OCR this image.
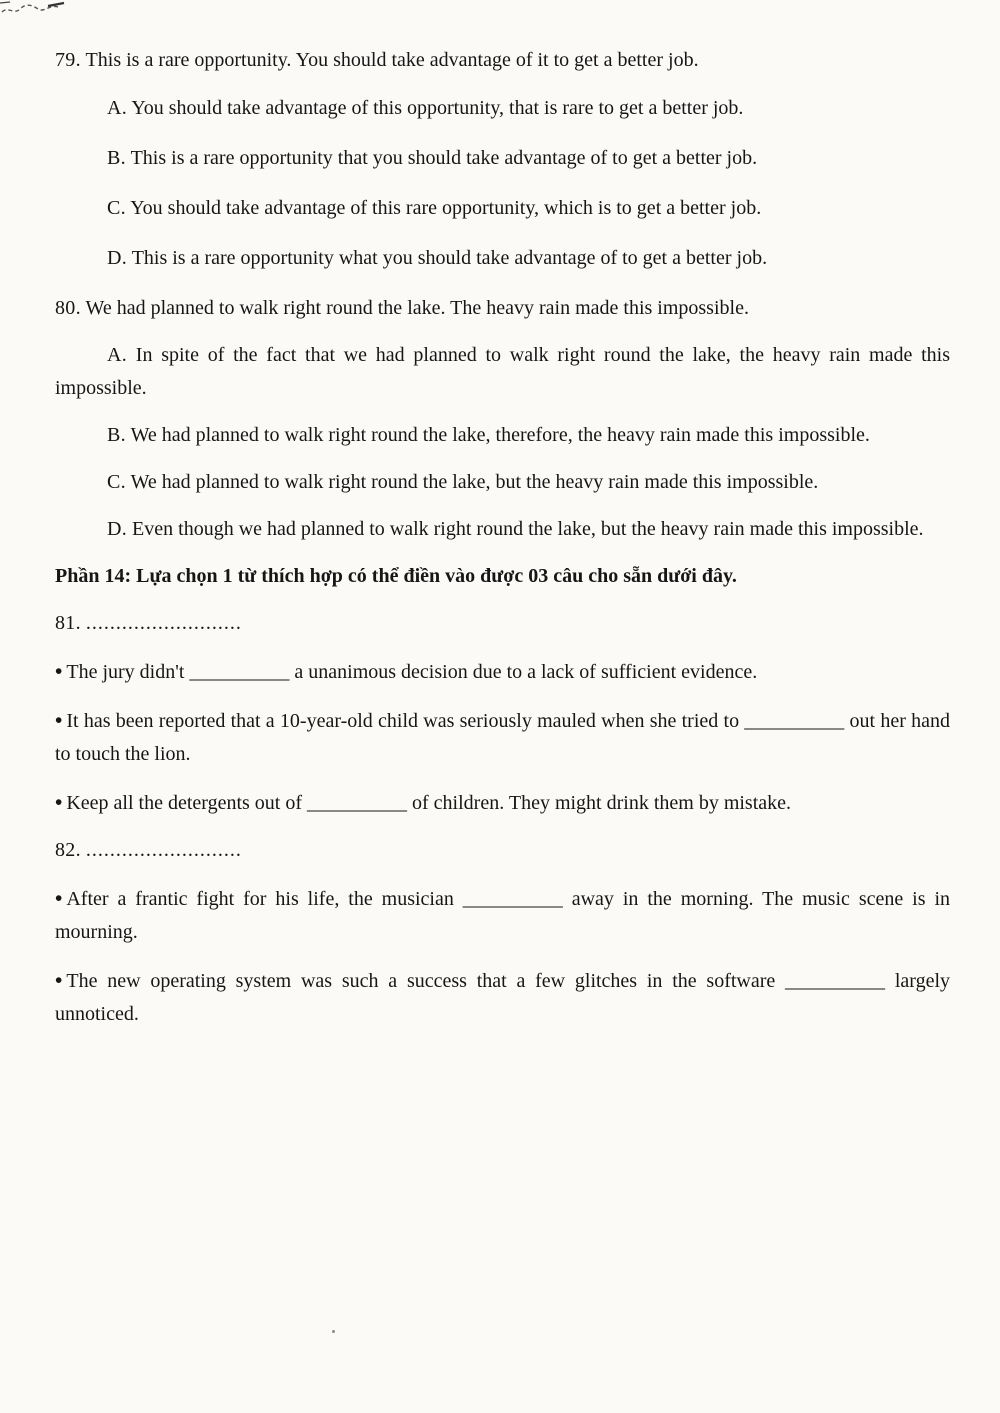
79. This is a rare opportunity. You should take advantage of it to get a better job.

A. You should take advantage of this opportunity, that is rare to get a better job.

B. This is a rare opportunity that you should take advantage of to get a better job.

C. You should take advantage of this rare opportunity, which is to get a better job.

D. This is a rare opportunity what you should take advantage of to get a better job.

80. We had planned to walk right round the lake. The heavy rain made this impossible.

A. In spite of the fact that we had planned to walk right round the lake, the heavy rain made this impossible.

B. We had planned to walk right round the lake, therefore, the heavy rain made this impossible.

C. We had planned to walk right round the lake, but the heavy rain made this impossible.

D. Even though we had planned to walk right round the lake, but the heavy rain made this impossible.

Phần 14: Lựa chọn 1 từ thích hợp có thể điền vào được 03 câu cho sẵn dưới đây.

81. ..........................

• The jury didn't __________ a unanimous decision due to a lack of sufficient evidence.

• It has been reported that a 10-year-old child was seriously mauled when she tried to __________ out her hand to touch the lion.

• Keep all the detergents out of __________ of children. They might drink them by mistake.

82. ..........................

• After a frantic fight for his life, the musician __________ away in the morning. The music scene is in mourning.

• The new operating system was such a success that a few glitches in the software __________ largely unnoticed.
